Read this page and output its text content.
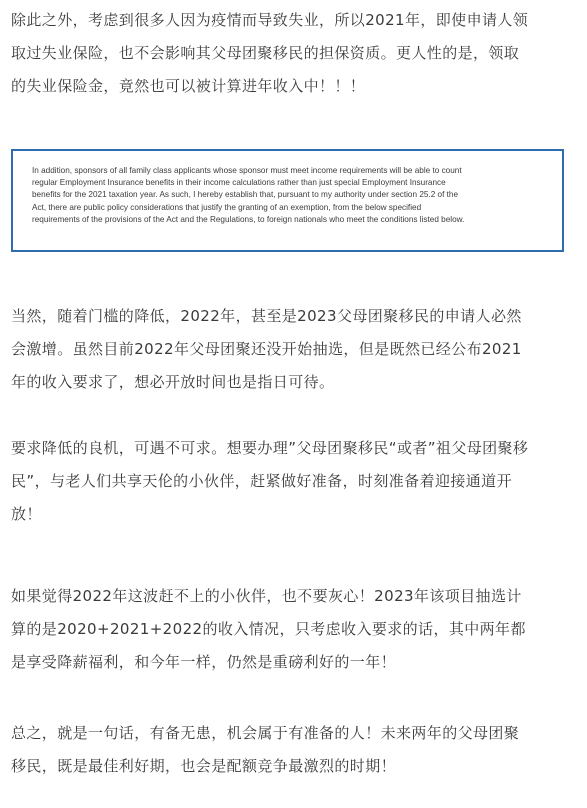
除此之外，考虑到很多人因为疫情而导致失业，所以2021年，即使申请人领
取过失业保险，也不会影响其父母团聚移民的担保资质。更人性的是，领取
的失业保险金，竟然也可以被计算进年收入中！！！

In addition, sponsors of all family class applicants whose sponsor must meet income requirements will be able to count
regular Employment Insurance benefits in their income calculations rather than just special Employment Insurance
benefits for the 2021 taxation year. As such, I hereby establish that, pursuant to my authority under section 25.2 of the
Act, there are public policy considerations that justify the granting of an exemption, from the below specified
requirements of the provisions of the Act and the Regulations, to foreign nationals who meet the conditions listed below.

当然，随着门槛的降低，2022年，甚至是2023父母团聚移民的申请人必然
会激增。虽然目前2022年父母团聚还没开始抽选，但是既然已经公布2021
年的收入要求了，想必开放时间也是指日可待。

要求降低的良机，可遇不可求。想要办理”父母团聚移民“或者”祖父母团聚移
民”，与老人们共享天伦的小伙伴，赶紧做好准备，时刻准备着迎接通道开
放！

如果觉得2022年这波赶不上的小伙伴，也不要灰心！2023年该项目抽选计
算的是2020+2021+2022的收入情况，只考虑收入要求的话，其中两年都
是享受降薪福利，和今年一样，仍然是重磅利好的一年！

总之，就是一句话，有备无患，机会属于有准备的人！未来两年的父母团聚
移民，既是最佳利好期，也会是配额竞争最激烈的时期！
